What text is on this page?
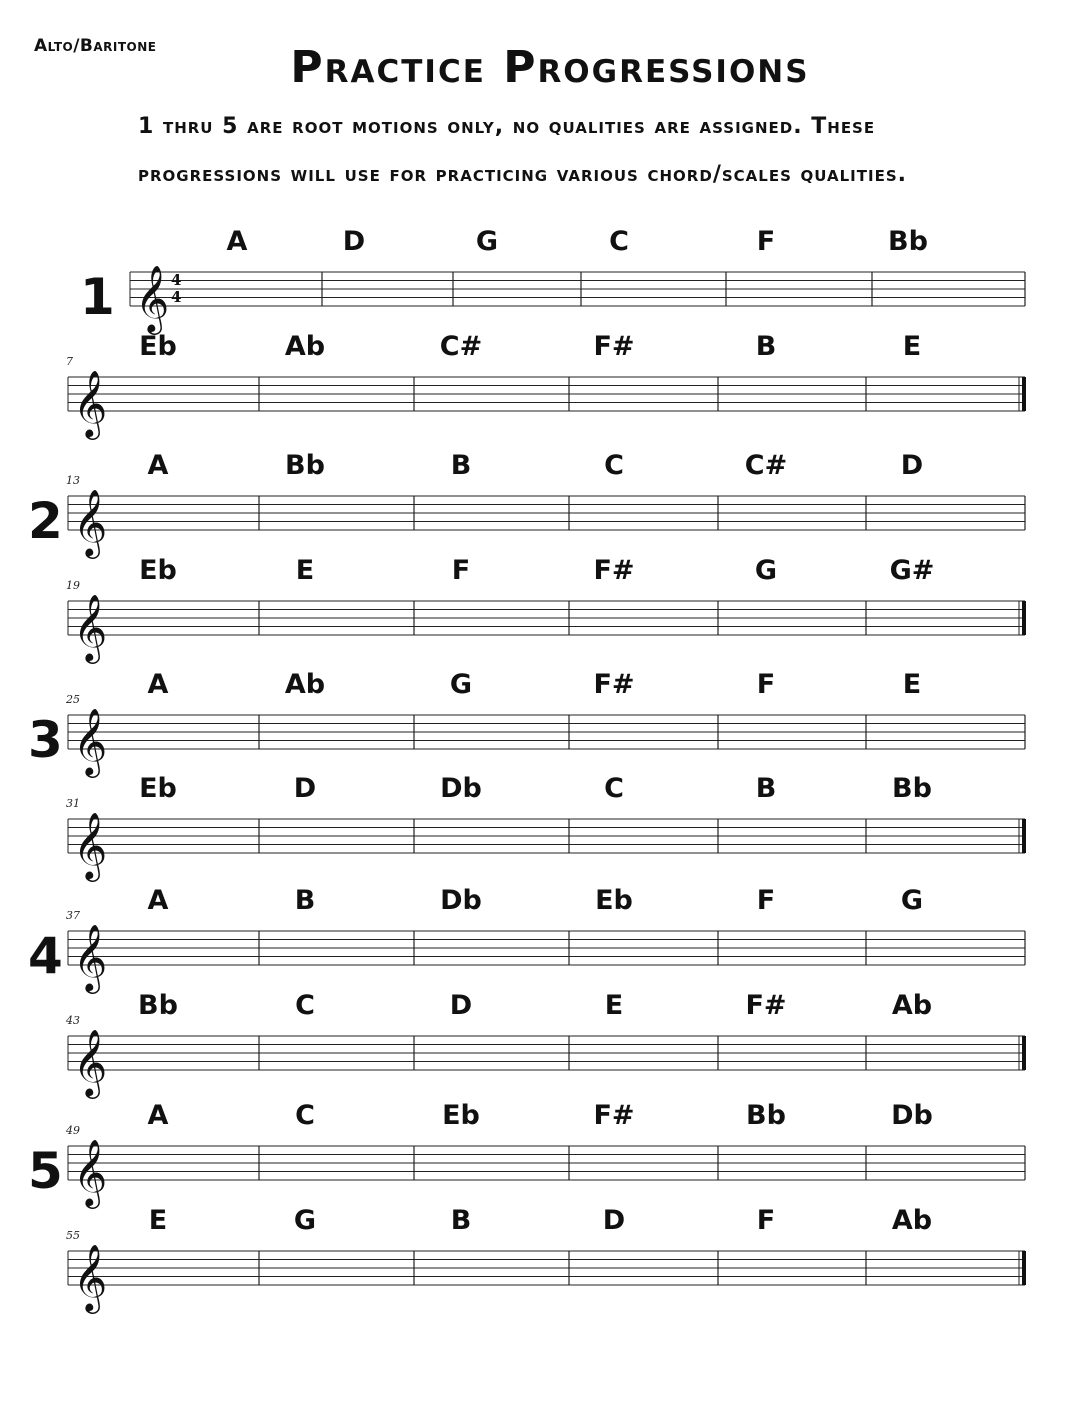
Alto/Baritone	Practice Progressions
1 thru 5 are root motions only, no qualities are assigned. These
progressions will use for practicing various chord/scales qualities.
𝄞 4
4
1
A	D	G	C	F	Bb
𝄞
7 Eb	Ab	C#	F#	B	E
𝄞
13
2
A	Bb	B	C	C#	D
𝄞
19 Eb	E	F	F#	G	G#
𝄞
25
3
A	Ab	G	F#	F	E
𝄞
31 Eb	D	Db	C	B	Bb
𝄞
37
4
A	B	Db	Eb	F	G
𝄞
43 Bb	C	D	E	F#	Ab
𝄞
49
5
A	C	Eb	F#	Bb	Db
𝄞
55	E	G	B	D	F	Ab
